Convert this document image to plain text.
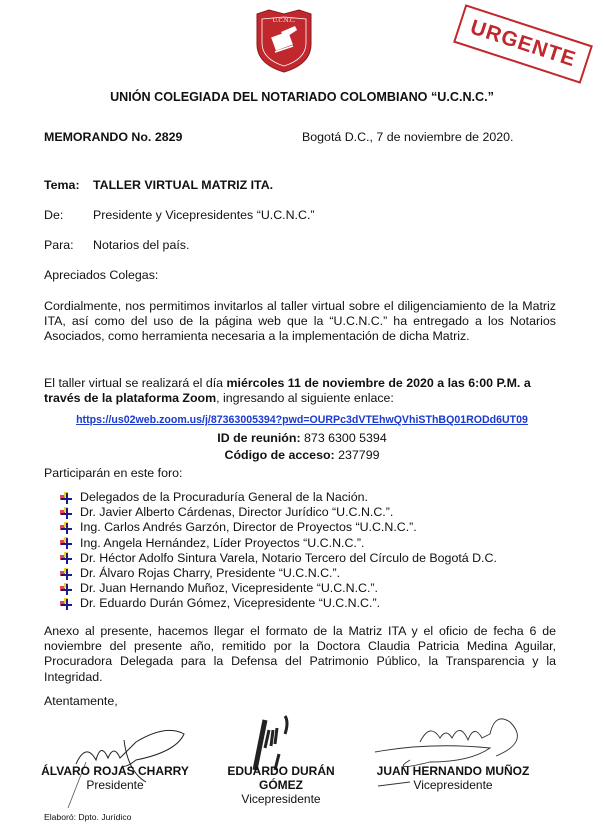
U.C.N.C.	URGENTE
UNIÓN COLEGIADA DEL NOTARIADO COLOMBIANO “U.C.N.C.”
MEMORANDO No. 2829	Bogotá D.C., 7 de noviembre de 2020.
Tema: TALLER VIRTUAL MATRIZ ITA.
De: Presidente y Vicepresidentes “U.C.N.C.”
Para: Notarios del país.
Apreciados Colegas:
Cordialmente, nos permitimos invitarlos al taller virtual sobre el diligenciamiento de la Matriz ITA, así como del uso de la página web que la “U.C.N.C.” ha entregado a los Notarios Asociados, como herramienta necesaria a la implementación de dicha Matriz.
El taller virtual se realizará el día miércoles 11 de noviembre de 2020 a las 6:00 P.M. a través de la plataforma Zoom, ingresando al siguiente enlace:
https://us02web.zoom.us/j/87363005394?pwd=OURPc3dVTEhwQVhiSThBQ01RODd6UT09
ID de reunión: 873 6300 5394
Código de acceso: 237799
Participarán en este foro:
Delegados de la Procuraduría General de la Nación.
Dr. Javier Alberto Cárdenas, Director Jurídico “U.C.N.C.”.
Ing. Carlos Andrés Garzón, Director de Proyectos “U.C.N.C.”.
Ing. Angela Hernández, Líder Proyectos “U.C.N.C.”.
Dr. Héctor Adolfo Sintura Varela, Notario Tercero del Círculo de Bogotá D.C.
Dr. Álvaro Rojas Charry, Presidente “U.C.N.C.”.
Dr. Juan Hernando Muñoz, Vicepresidente “U.C.N.C.”.
Dr. Eduardo Durán Gómez, Vicepresidente “U.C.N.C.”.
Anexo al presente, hacemos llegar el formato de la Matriz ITA y el oficio de fecha 6 de noviembre del presente año, remitido por la Doctora Claudia Patricia Medina Aguilar, Procuradora Delegada para la Defensa del Patrimonio Público, la Transparencia y la Integridad.
Atentamente,
ÁLVARO ROJAS CHARRY
Presidente
EDUARDO DURÁN GÓMEZ
Vicepresidente
JUAN HERNANDO MUÑOZ
Vicepresidente
Elaboró: Dpto. Jurídico
